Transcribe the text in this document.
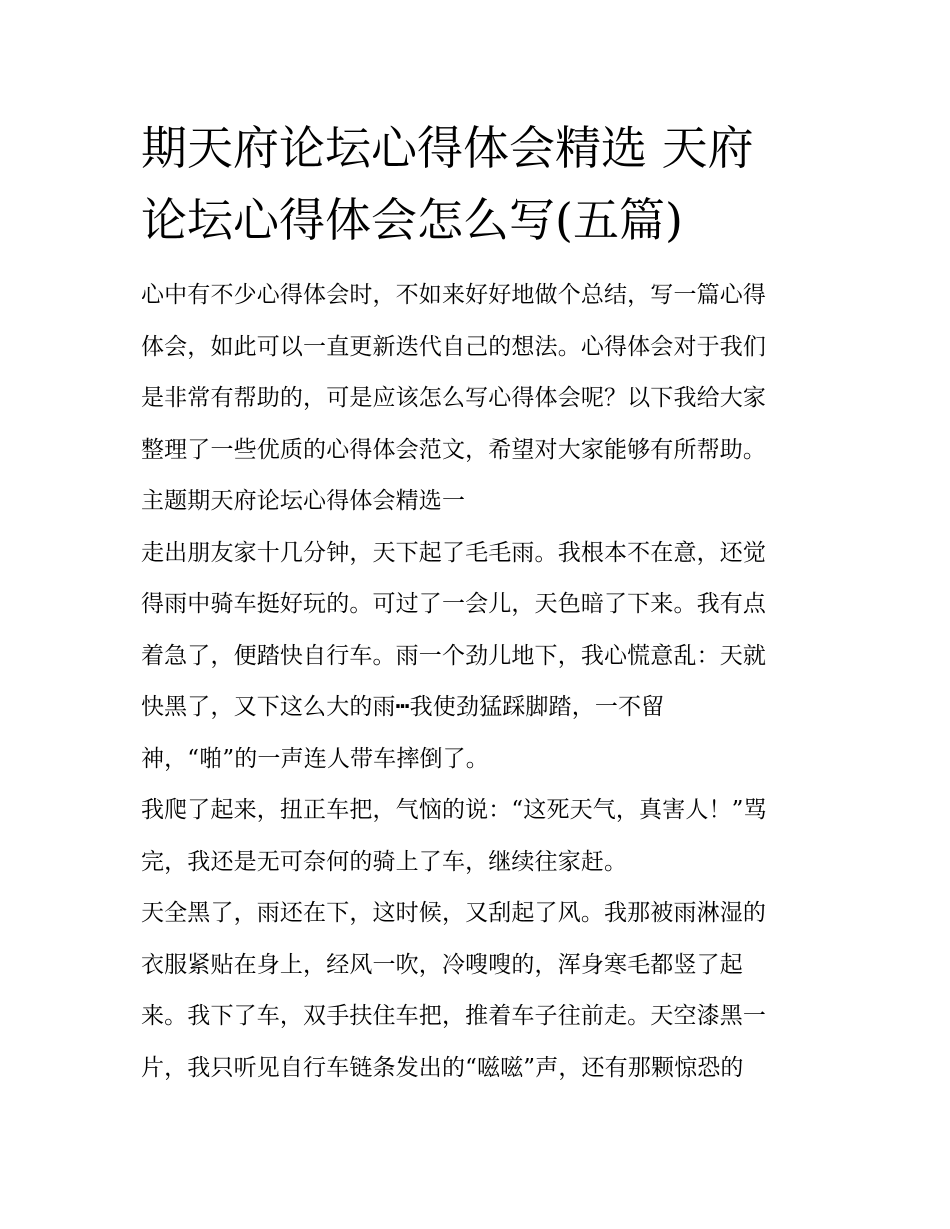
期天府论坛心得体会精选 天府
论坛心得体会怎么写(五篇)
心中有不少心得体会时，不如来好好地做个总结，写一篇心得
体会，如此可以一直更新迭代自己的想法。心得体会对于我们
是非常有帮助的，可是应该怎么写心得体会呢？以下我给大家
整理了一些优质的心得体会范文，希望对大家能够有所帮助。
主题期天府论坛心得体会精选一
走出朋友家十几分钟，天下起了毛毛雨。我根本不在意，还觉
得雨中骑车挺好玩的。可过了一会儿，天色暗了下来。我有点
着急了，便踏快自行车。雨一个劲儿地下，我心慌意乱：天就
快黑了，又下这么大的雨┅我使劲猛踩脚踏，一不留
神，“啪”的一声连人带车摔倒了。
我爬了起来，扭正车把，气恼的说：“这死天气，真害人！”骂
完，我还是无可奈何的骑上了车，继续往家赶。
天全黑了，雨还在下，这时候，又刮起了风。我那被雨淋湿的
衣服紧贴在身上，经风一吹，冷嗖嗖的，浑身寒毛都竖了起
来。我下了车，双手扶住车把，推着车子往前走。天空漆黑一
片，我只听见自行车链条发出的“嗞嗞”声，还有那颗惊恐的
